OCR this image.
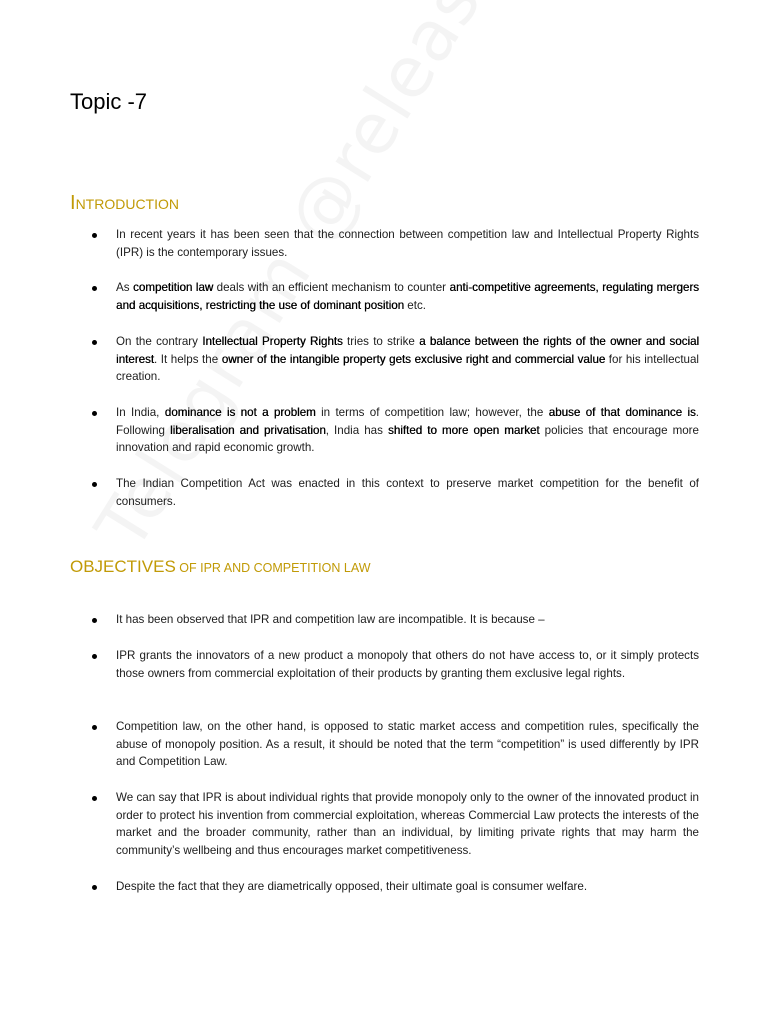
Topic -7
INTRODUCTION
In recent years it has been seen that the connection between competition law and Intellectual Property Rights (IPR) is the contemporary issues.
As competition law deals with an efficient mechanism to counter anti-competitive agreements, regulating mergers and acquisitions, restricting the use of dominant position etc.
On the contrary Intellectual Property Rights tries to strike a balance between the rights of the owner and social interest. It helps the owner of the intangible property gets exclusive right and commercial value for his intellectual creation.
In India, dominance is not a problem in terms of competition law; however, the abuse of that dominance is. Following liberalisation and privatisation, India has shifted to more open market policies that encourage more innovation and rapid economic growth.
The Indian Competition Act was enacted in this context to preserve market competition for the benefit of consumers.
OBJECTIVES OF IPR AND COMPETITION LAW
It has been observed that IPR and competition law are incompatible. It is because –
IPR grants the innovators of a new product a monopoly that others do not have access to, or it simply protects those owners from commercial exploitation of their products by granting them exclusive legal rights.
Competition law, on the other hand, is opposed to static market access and competition rules, specifically the abuse of monopoly position. As a result, it should be noted that the term “competition” is used differently by IPR and Competition Law.
We can say that IPR is about individual rights that provide monopoly only to the owner of the innovated product in order to protect his invention from commercial exploitation, whereas Commercial Law protects the interests of the market and the broader community, rather than an individual, by limiting private rights that may harm the community’s wellbeing and thus encourages market competitiveness.
Despite the fact that they are diametrically opposed, their ultimate goal is consumer welfare.
